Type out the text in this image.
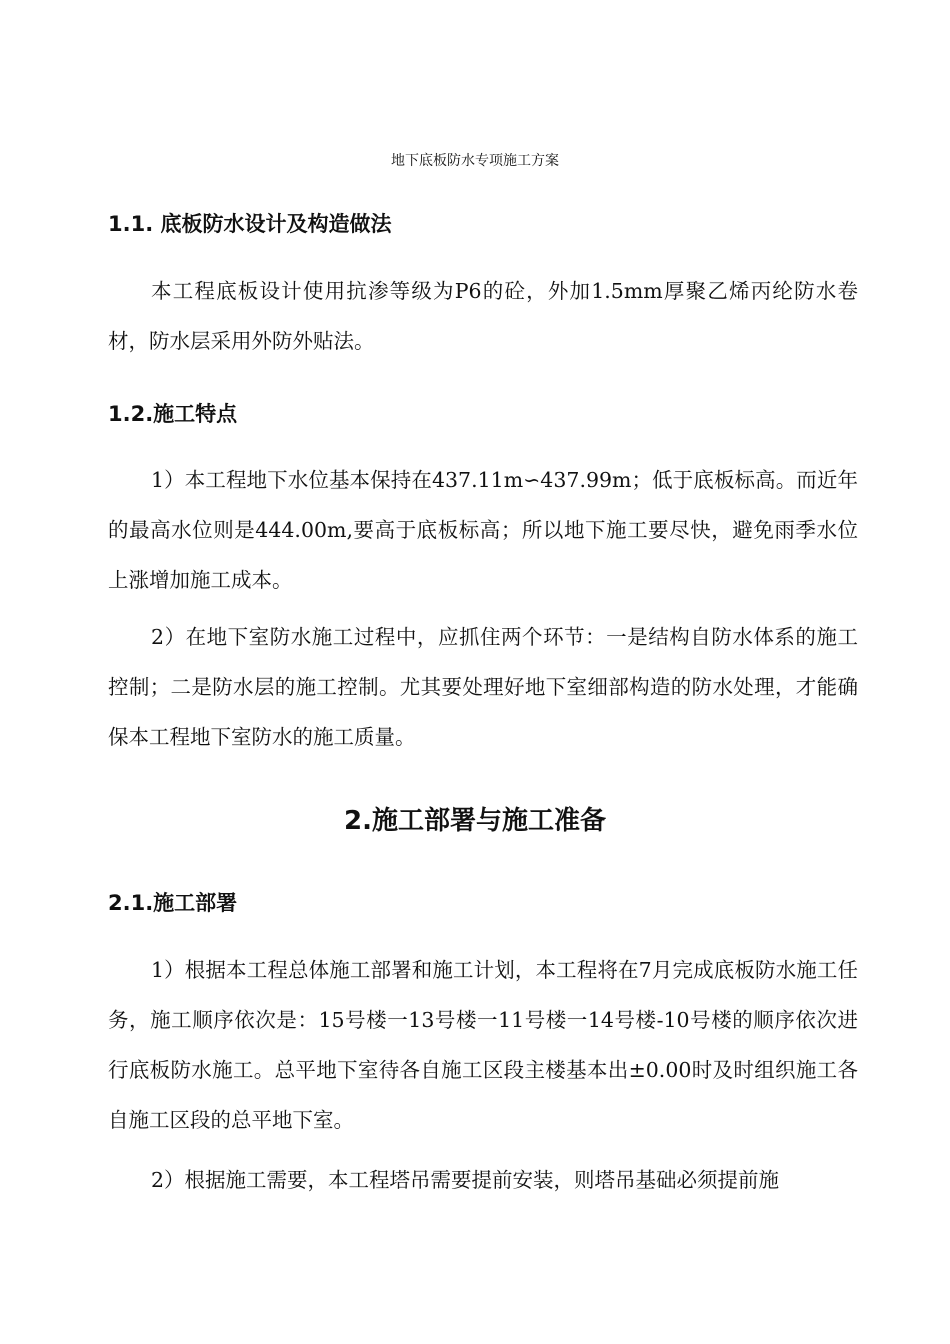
地下底板防水专项施工方案
1.1. 底板防水设计及构造做法

本工程底板设计使用抗渗等级为P6的砼，外加1.5mm厚聚乙烯丙纶防水卷材，防水层采用外防外贴法。

1.2.施工特点

1）本工程地下水位基本保持在437.11m∽437.99m；低于底板标高。而近年的最高水位则是444.00m,要高于底板标高；所以地下施工要尽快，避免雨季水位上涨增加施工成本。

2）在地下室防水施工过程中，应抓住两个环节：一是结构自防水体系的施工控制；二是防水层的施工控制。尤其要处理好地下室细部构造的防水处理，才能确保本工程地下室防水的施工质量。

2.施工部署与施工准备
2.1.施工部署

1）根据本工程总体施工部署和施工计划，本工程将在7月完成底板防水施工任务，施工顺序依次是：15号楼一13号楼一11号楼一14号楼-10号楼的顺序依次进行底板防水施工。总平地下室待各自施工区段主楼基本出±0.00时及时组织施工各自施工区段的总平地下室。

2）根据施工需要，本工程塔吊需要提前安装，则塔吊基础必须提前施
